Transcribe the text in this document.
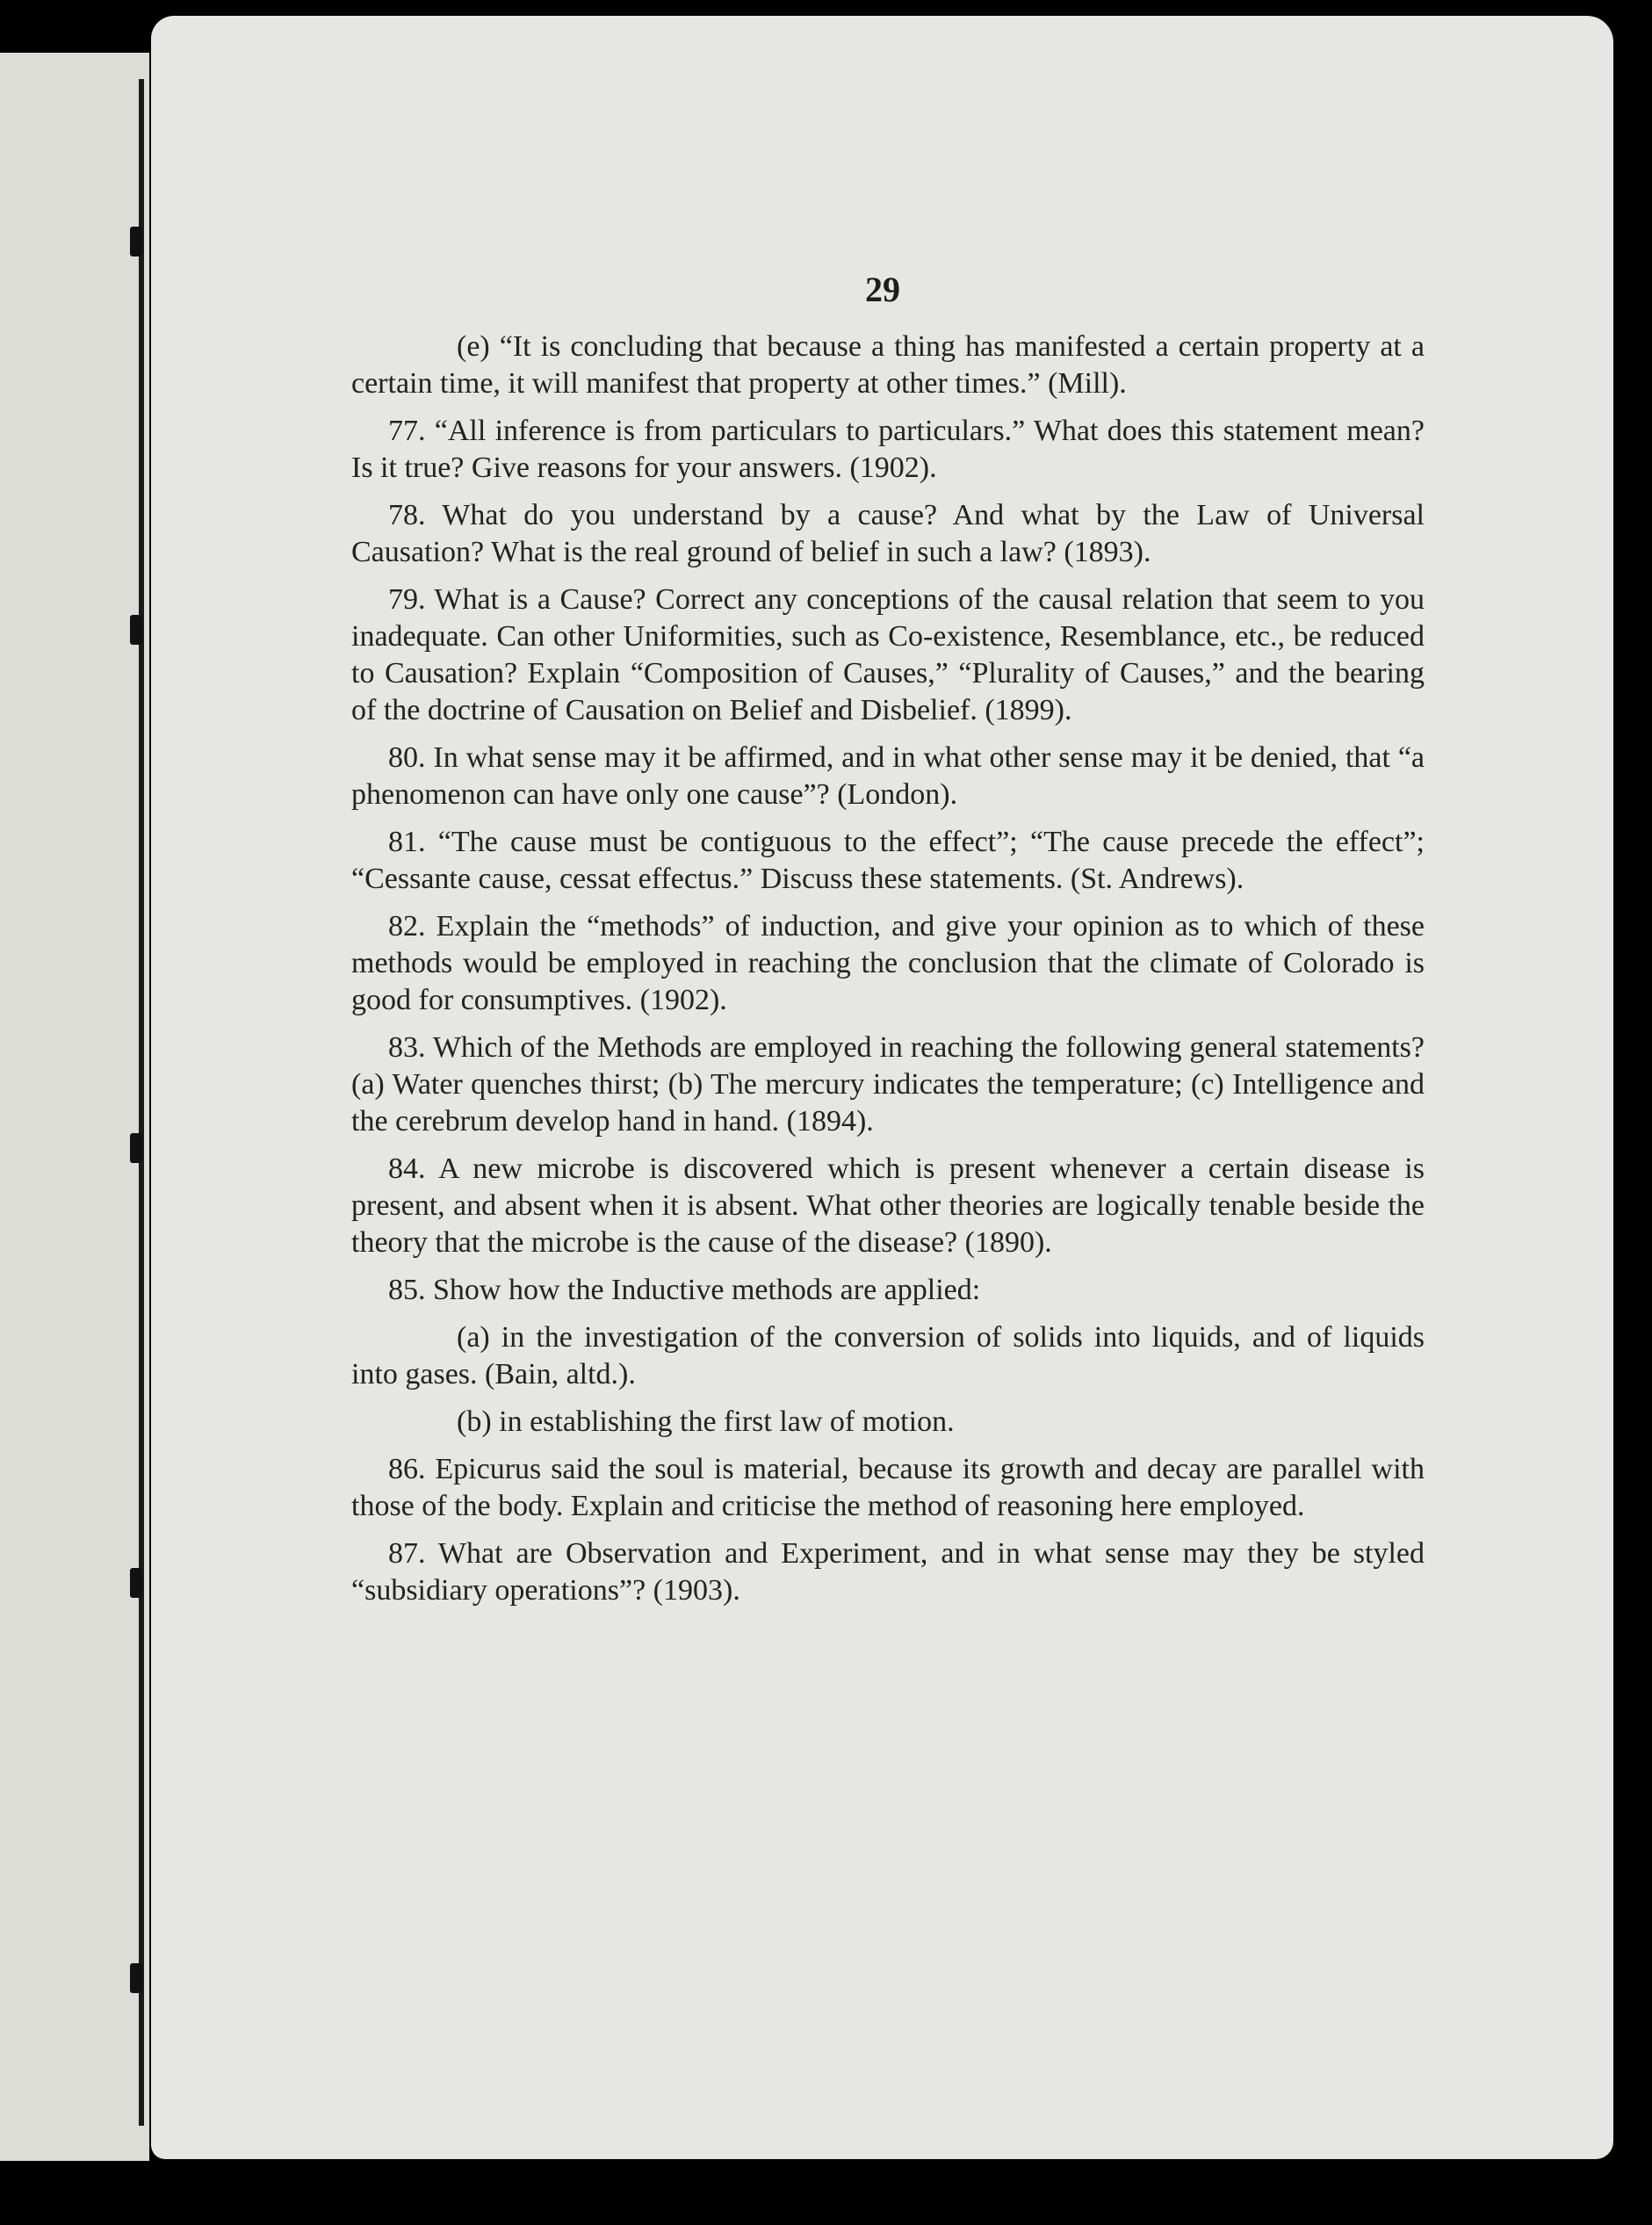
29

(e) “It is concluding that because a thing has manifested a certain property at a certain time, it will manifest that property at other times.” (Mill).

77. “All inference is from particulars to particulars.” What does this statement mean? Is it true? Give reasons for your answers. (1902).

78. What do you understand by a cause? And what by the Law of Universal Causation? What is the real ground of belief in such a law? (1893).

79. What is a Cause? Correct any conceptions of the causal relation that seem to you inadequate. Can other Uniformities, such as Co-existence, Resemblance, etc., be reduced to Causation? Explain “Composition of Causes,” “Plurality of Causes,” and the bearing of the doctrine of Causation on Belief and Disbelief. (1899).

80. In what sense may it be affirmed, and in what other sense may it be denied, that “a phenomenon can have only one cause”? (London).

81. “The cause must be contiguous to the effect”; “The cause precede the effect”; “Cessante cause, cessat effectus.” Discuss these statements. (St. Andrews).

82. Explain the “methods” of induction, and give your opinion as to which of these methods would be employed in reaching the conclusion that the climate of Colorado is good for consumptives. (1902).

83. Which of the Methods are employed in reaching the following general statements? (a) Water quenches thirst; (b) The mercury indicates the temperature; (c) Intelligence and the cerebrum develop hand in hand. (1894).

84. A new microbe is discovered which is present whenever a certain disease is present, and absent when it is absent. What other theories are logically tenable beside the theory that the microbe is the cause of the disease? (1890).

85. Show how the Inductive methods are applied:

(a) in the investigation of the conversion of solids into liquids, and of liquids into gases. (Bain, altd.).

(b) in establishing the first law of motion.

86. Epicurus said the soul is material, because its growth and decay are parallel with those of the body. Explain and criticise the method of reasoning here employed.

87. What are Observation and Experiment, and in what sense may they be styled “subsidiary operations”? (1903).
